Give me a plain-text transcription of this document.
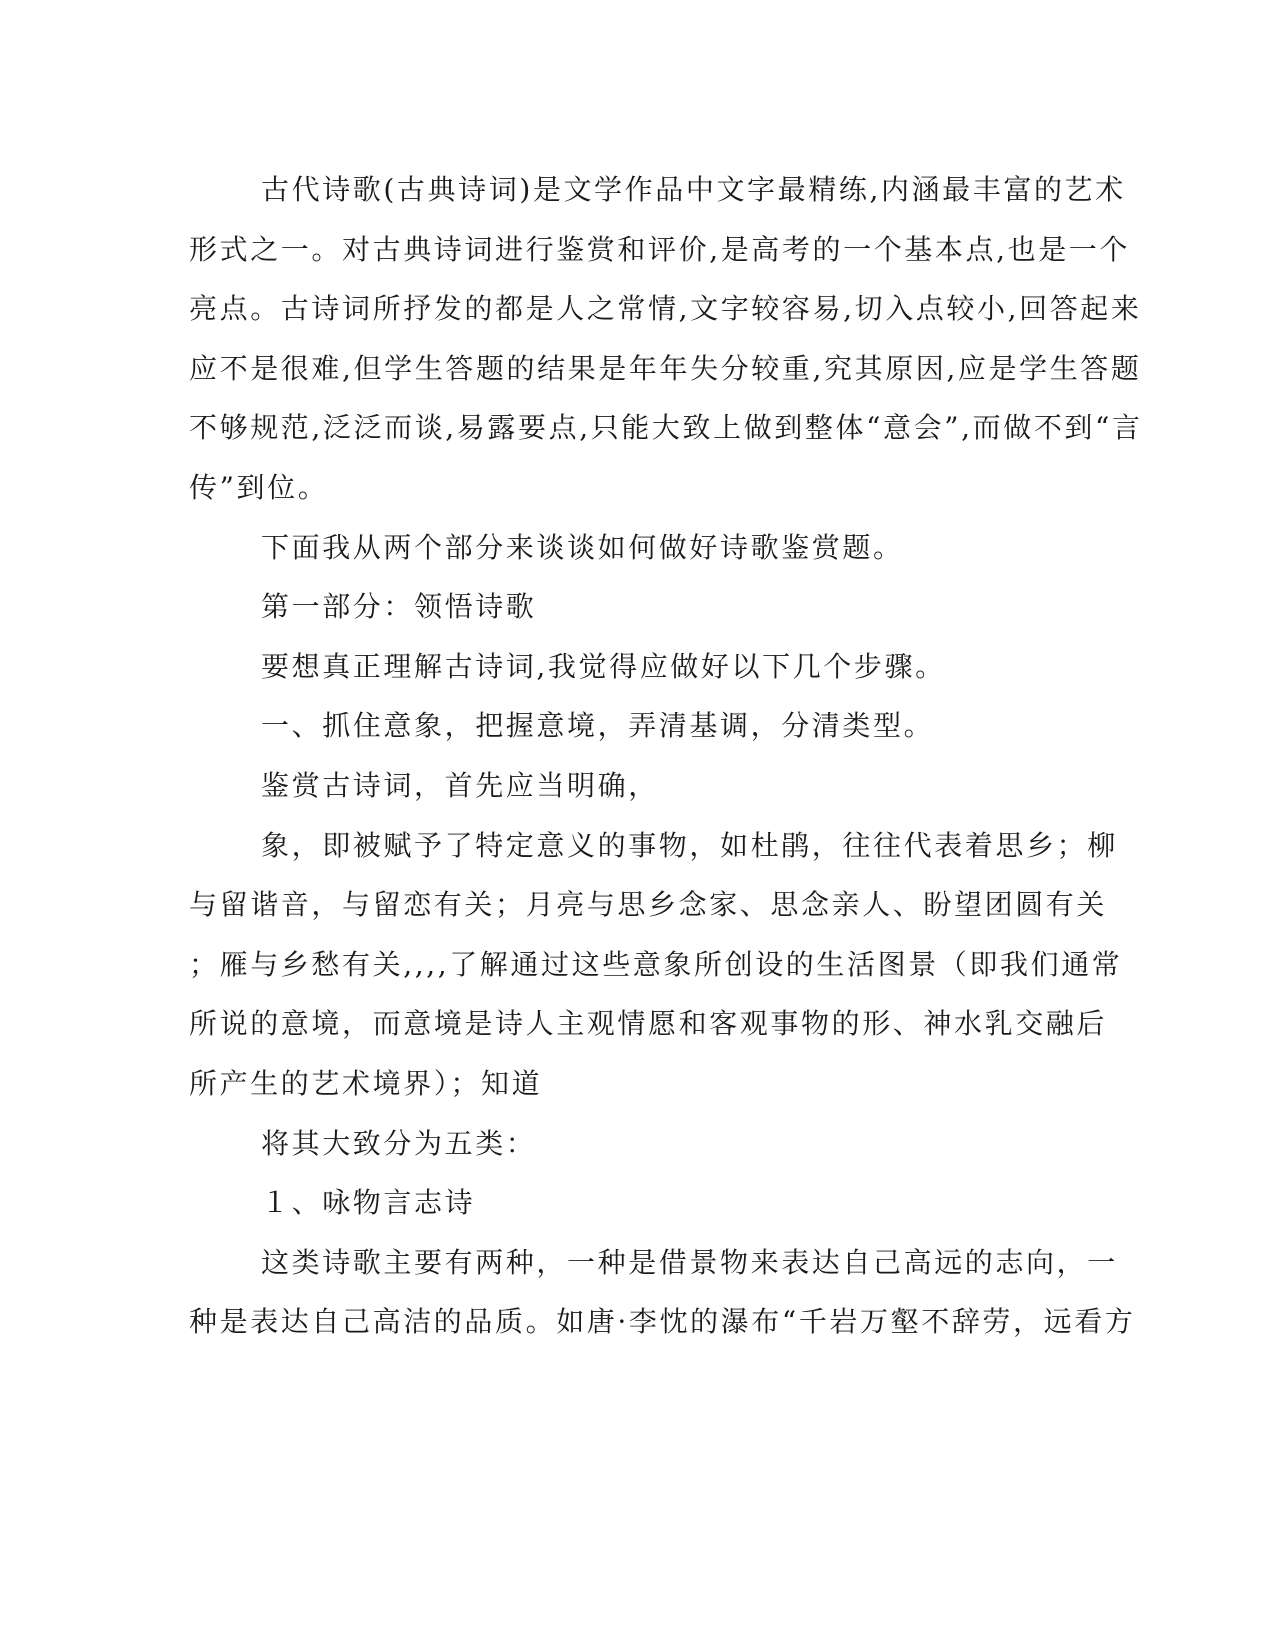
古代诗歌(古典诗词)是文学作品中文字最精练,内涵最丰富的艺术
形式之一。对古典诗词进行鉴赏和评价,是高考的一个基本点,也是一个
亮点。古诗词所抒发的都是人之常情,文字较容易,切入点较小,回答起来
应不是很难,但学生答题的结果是年年失分较重,究其原因,应是学生答题
不够规范,泛泛而谈,易露要点,只能大致上做到整体“意会”,而做不到“言
传”到位。
下面我从两个部分来谈谈如何做好诗歌鉴赏题。
第一部分：领悟诗歌
要想真正理解古诗词,我觉得应做好以下几个步骤。
一、抓住意象，把握意境，弄清基调，分清类型。
鉴赏古诗词，首先应当明确，
象，即被赋予了特定意义的事物，如杜鹃，往往代表着思乡；柳
与留谐音，与留恋有关；月亮与思乡念家、思念亲人、盼望团圆有关
；雁与乡愁有关,,,,了解通过这些意象所创设的生活图景（即我们通常
所说的意境，而意境是诗人主观情愿和客观事物的形、神水乳交融后
所产生的艺术境界）；知道
将其大致分为五类：
１、咏物言志诗
这类诗歌主要有两种，一种是借景物来表达自己高远的志向，一
种是表达自己高洁的品质。如唐·李忱的瀑布“千岩万壑不辞劳，远看方
